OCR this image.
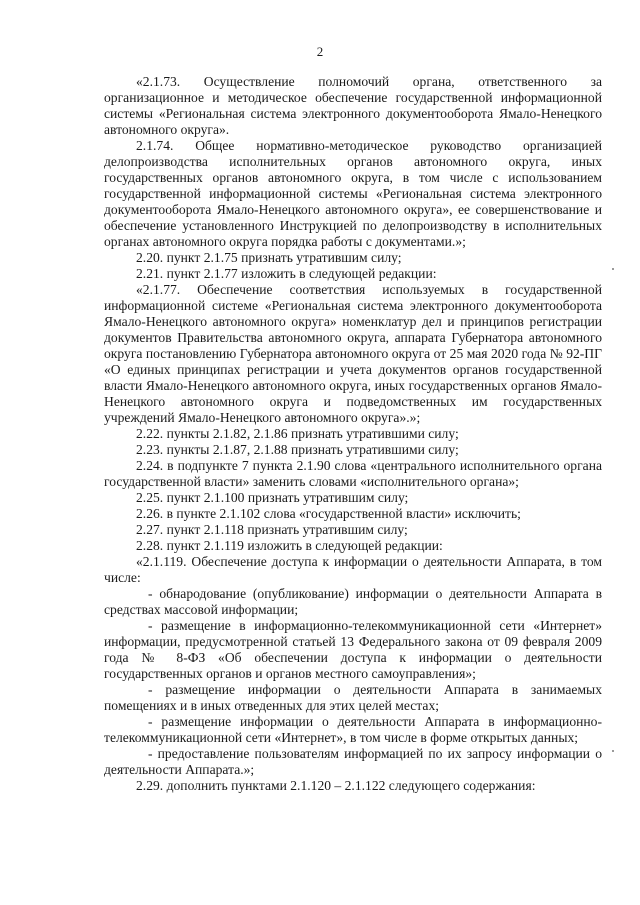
2

«2.1.73. Осуществление полномочий органа, ответственного за организационное и методическое обеспечение государственной информационной системы «Региональная система электронного документооборота Ямало-Ненецкого автономного округа».

2.1.74. Общее нормативно-методическое руководство организацией делопроизводства исполнительных органов автономного округа, иных государственных органов автономного округа, в том числе с использованием государственной информационной системы «Региональная система электронного документооборота Ямало-Ненецкого автономного округа», ее совершенствование и обеспечение установленного Инструкцией по делопроизводству в исполнительных органах автономного округа порядка работы с документами.»;

2.20. пункт 2.1.75 признать утратившим силу;

2.21. пункт 2.1.77 изложить в следующей редакции:

«2.1.77. Обеспечение соответствия используемых в государственной информационной системе «Региональная система электронного документооборота Ямало-Ненецкого автономного округа» номенклатур дел и принципов регистрации документов Правительства автономного округа, аппарата Губернатора автономного округа постановлению Губернатора автономного округа от 25 мая 2020 года № 92-ПГ «О единых принципах регистрации и учета документов органов государственной власти Ямало-Ненецкого автономного округа, иных государственных органов Ямало-Ненецкого автономного округа и подведомственных им государственных учреждений Ямало-Ненецкого автономного округа».»;

2.22. пункты 2.1.82, 2.1.86 признать утратившими силу;

2.23. пункты 2.1.87, 2.1.88 признать утратившими силу;

2.24. в подпункте 7 пункта 2.1.90 слова «центрального исполнительного органа государственной власти» заменить словами «исполнительного органа»;

2.25. пункт 2.1.100 признать утратившим силу;

2.26. в пункте 2.1.102 слова «государственной власти» исключить;

2.27. пункт 2.1.118 признать утратившим силу;

2.28. пункт 2.1.119 изложить в следующей редакции:

«2.1.119. Обеспечение доступа к информации о деятельности Аппарата, в том числе:

- обнародование (опубликование) информации о деятельности Аппарата в средствах массовой информации;

- размещение в информационно-телекоммуникационной сети «Интернет» информации, предусмотренной статьей 13 Федерального закона от 09 февраля 2009 года № 8-ФЗ «Об обеспечении доступа к информации о деятельности государственных органов и органов местного самоуправления»;

- размещение информации о деятельности Аппарата в занимаемых помещениях и в иных отведенных для этих целей местах;

- размещение информации о деятельности Аппарата в информационно-телекоммуникационной сети «Интернет», в том числе в форме открытых данных;

- предоставление пользователям информацией по их запросу информации о деятельности Аппарата.»;

2.29. дополнить пунктами 2.1.120 – 2.1.122 следующего содержания:
